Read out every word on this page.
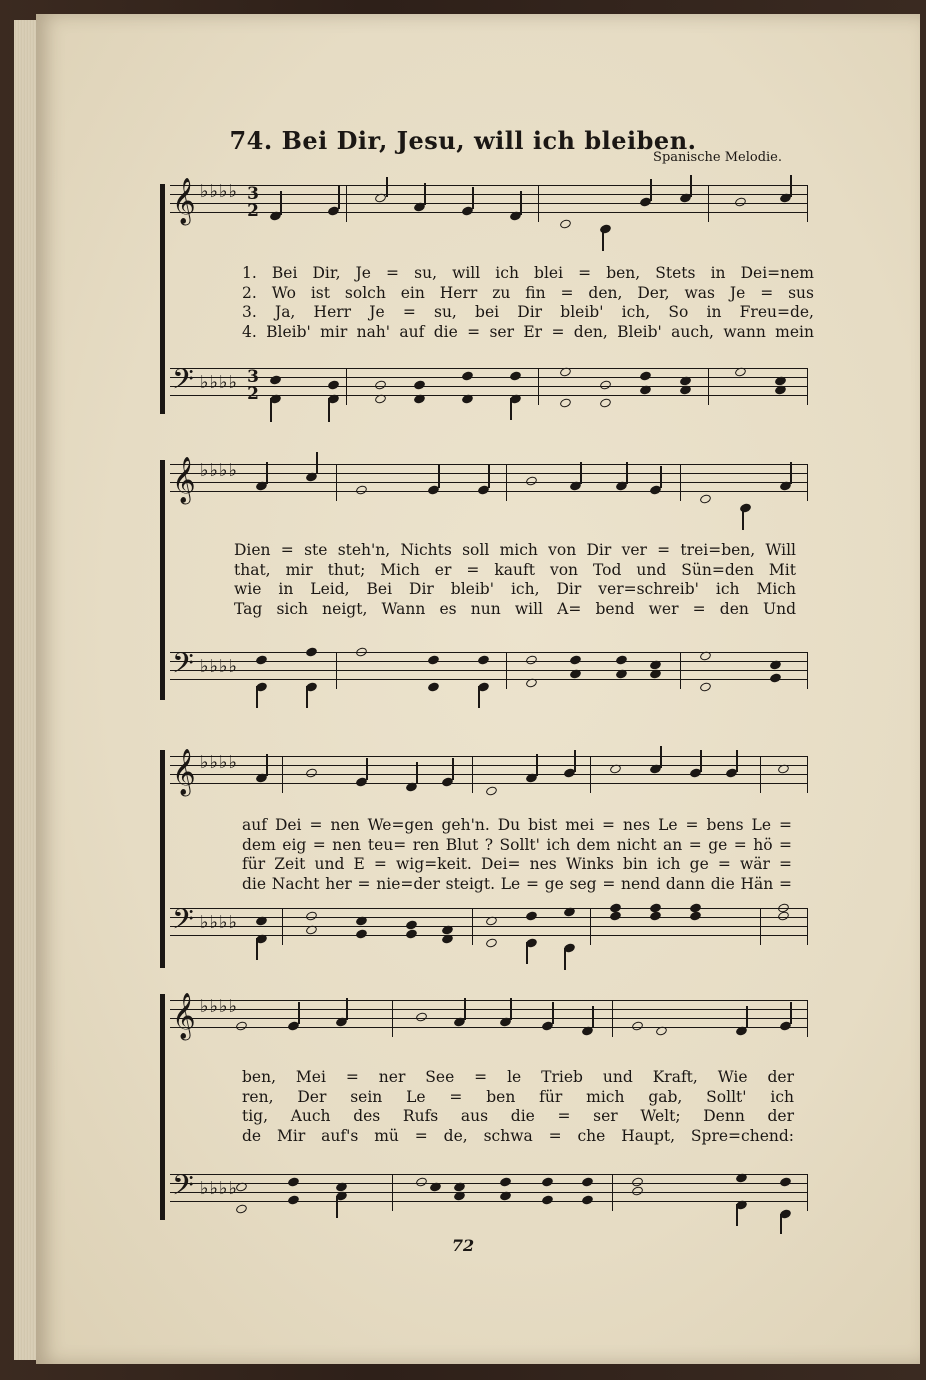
74. Bei Dir, Jesu, will ich bleiben.
Spanische Melodie.
𝄞 ♭♭♭♭ 3
2
𝄢 ♭♭♭♭ 3
2
1. Bei Dir, Je = su, will ich blei = ben, Stets in Dei=nem
2. Wo ist solch ein Herr zu fin = den, Der, was Je = sus
3. Ja, Herr Je = su, bei Dir bleib' ich, So in Freu=de,
4. Bleib' mir nah' auf die = ser Er = den, Bleib' auch, wann mein
𝄞 ♭♭♭♭
𝄢 ♭♭♭♭
Dien = ste steh'n, Nichts soll mich von Dir ver = trei=ben, Will
that, mir thut; Mich er = kauft von Tod und Sün=den Mit
wie in Leid, Bei Dir bleib' ich, Dir ver=schreib' ich Mich
Tag sich neigt, Wann es nun will A= bend wer = den Und
𝄞 ♭♭♭♭
𝄢 ♭♭♭♭
auf Dei = nen We=gen geh'n. Du bist mei = nes Le = bens Le =
dem eig = nen teu= ren Blut ? Sollt' ich dem nicht an = ge = hö =
für Zeit und E = wig=keit. Dei= nes Winks bin ich ge = wär =
die Nacht her = nie=der steigt. Le = ge seg = nend dann die Hän =
𝄞 ♭♭♭♭
𝄢 ♭♭♭♭
ben, Mei = ner See = le Trieb und Kraft, Wie der
ren, Der sein Le = ben für mich gab, Sollt' ich
tig, Auch des Rufs aus die = ser Welt; Denn der
de Mir auf's mü = de, schwa = che Haupt, Spre=chend:
72
